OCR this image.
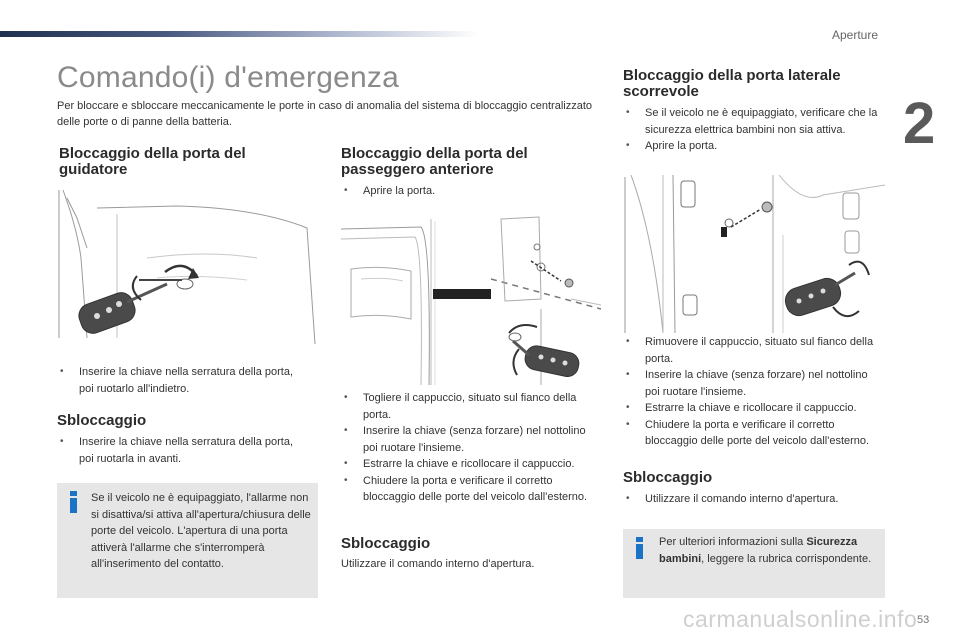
Aperture
2
Comando(i) d'emergenza

Per bloccare e sbloccare meccanicamente le porte in caso di anomalia del sistema di bloccaggio centralizzato delle porte o di panne della batteria.

Bloccaggio della porta del guidatore
• Inserire la chiave nella serratura della porta, poi ruotarlo all'indietro.
Sbloccaggio
• Inserire la chiave nella serratura della porta, poi ruotarla in avanti.
Se il veicolo ne è equipaggiato, l'allarme non si disattiva/si attiva all'apertura/chiusura delle porte del veicolo. L'apertura di una porta attiverà l'allarme che s'interromperà all'inserimento del contatto.
Bloccaggio della porta del passeggero anteriore
• Aprire la porta.
• Togliere il cappuccio, situato sul fianco della porta.
• Inserire la chiave (senza forzare) nel nottolino poi ruotare l'insieme.
• Estrarre la chiave e ricollocare il cappuccio.
• Chiudere la porta e verificare il corretto bloccaggio delle porte del veicolo dall'esterno.
Sbloccaggio

Utilizzare il comando interno d'apertura.

Bloccaggio della porta laterale scorrevole
• Se il veicolo ne è equipaggiato, verificare che la sicurezza elettrica bambini non sia attiva.
• Aprire la porta.
• Rimuovere il cappuccio, situato sul fianco della porta.
• Inserire la chiave (senza forzare) nel nottolino poi ruotare l'insieme.
• Estrarre la chiave e ricollocare il cappuccio.
• Chiudere la porta e verificare il corretto bloccaggio delle porte del veicolo dall'esterno.
Sbloccaggio
• Utilizzare il comando interno d'apertura.
Per ulteriori informazioni sulla Sicurezza bambini, leggere la rubrica corrispondente.
carmanualsonline.info 53
